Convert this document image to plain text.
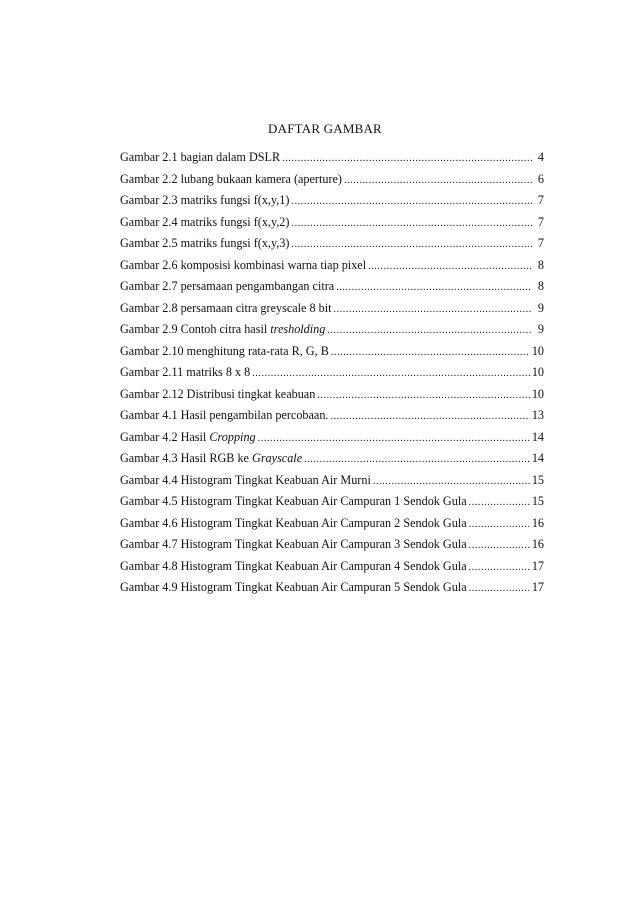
DAFTAR GAMBAR
Gambar 2.1 bagian dalam DSLR .....	4
Gambar 2.2 lubang bukaan kamera (aperture) .....	6
Gambar 2.3 matriks fungsi f(x,y,1) .....	7
Gambar 2.4 matriks fungsi f(x,y,2) .....	7
Gambar 2.5 matriks fungsi f(x,y,3) .....	7
Gambar 2.6 komposisi kombinasi warna tiap pixel .....	8
Gambar 2.7 persamaan pengambangan citra .....	8
Gambar 2.8 persamaan citra greyscale 8 bit .....	9
Gambar 2.9 Contoh citra hasil tresholding .....	9
Gambar 2.10 menghitung rata-rata R, G, B .....	10
Gambar 2.11 matriks 8 x 8 .....	10
Gambar 2.12 Distribusi tingkat keabuan .....	10
Gambar 4.1 Hasil pengambilan percobaan. .....	13
Gambar 4.2 Hasil Cropping .....	14
Gambar 4.3 Hasil RGB ke Grayscale .....	14
Gambar 4.4 Histogram Tingkat Keabuan Air Murni .....	15
Gambar 4.5 Histogram Tingkat Keabuan Air Campuran 1 Sendok Gula .....	15
Gambar 4.6 Histogram Tingkat Keabuan Air Campuran 2 Sendok Gula .....	16
Gambar 4.7 Histogram Tingkat Keabuan Air Campuran 3 Sendok Gula .....	16
Gambar 4.8 Histogram Tingkat Keabuan Air Campuran 4 Sendok Gula .....	17
Gambar 4.9 Histogram Tingkat Keabuan Air Campuran 5 Sendok Gula .....	17
